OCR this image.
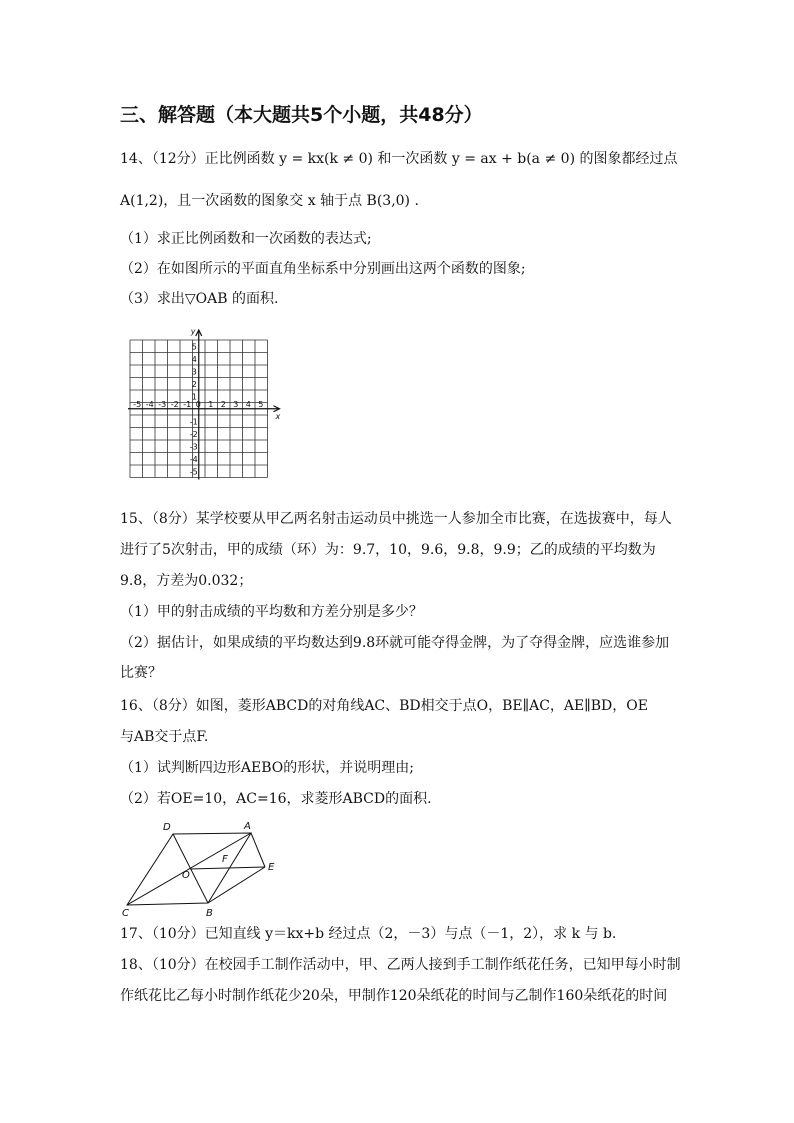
三、解答题（本大题共5个小题，共48分）
14、（12分）正比例函数 y = kx(k ≠ 0) 和一次函数 y = ax + b(a ≠ 0) 的图象都经过点
A(1,2)，且一次函数的图象交 x 轴于点 B(3,0) .
（1）求正比例函数和一次函数的表达式;
（2）在如图所示的平面直角坐标系中分别画出这两个函数的图象;
（3）求出▽OAB 的面积.
-5 -4 -3 -2 -1 0 1 2 3 4 5
5
4
3
2
1
-1
-2
-3
-4
-5
x
y
15、（8分）某学校要从甲乙两名射击运动员中挑选一人参加全市比赛，在选拔赛中，每人
进行了5次射击，甲的成绩（环）为：9.7，10，9.6，9.8，9.9；乙的成绩的平均数为
9.8，方差为0.032；
（1）甲的射击成绩的平均数和方差分别是多少？
（2）据估计，如果成绩的平均数达到9.8环就可能夺得金牌，为了夺得金牌，应选谁参加
比赛？
16、（8分）如图，菱形ABCD的对角线AC、BD相交于点O，BE∥AC，AE∥BD，OE
与AB交于点F.
（1）试判断四边形AEBO的形状，并说明理由;
（2）若OE=10，AC=16，求菱形ABCD的面积.
D	A
F
O
E
C	B
17、（10分）已知直线 y＝kx+b 经过点（2，－3）与点（－1，2），求 k 与 b.
18、（10分）在校园手工制作活动中，甲、乙两人接到手工制作纸花任务，已知甲每小时制
作纸花比乙每小时制作纸花少20朵，甲制作120朵纸花的时间与乙制作160朵纸花的时间
